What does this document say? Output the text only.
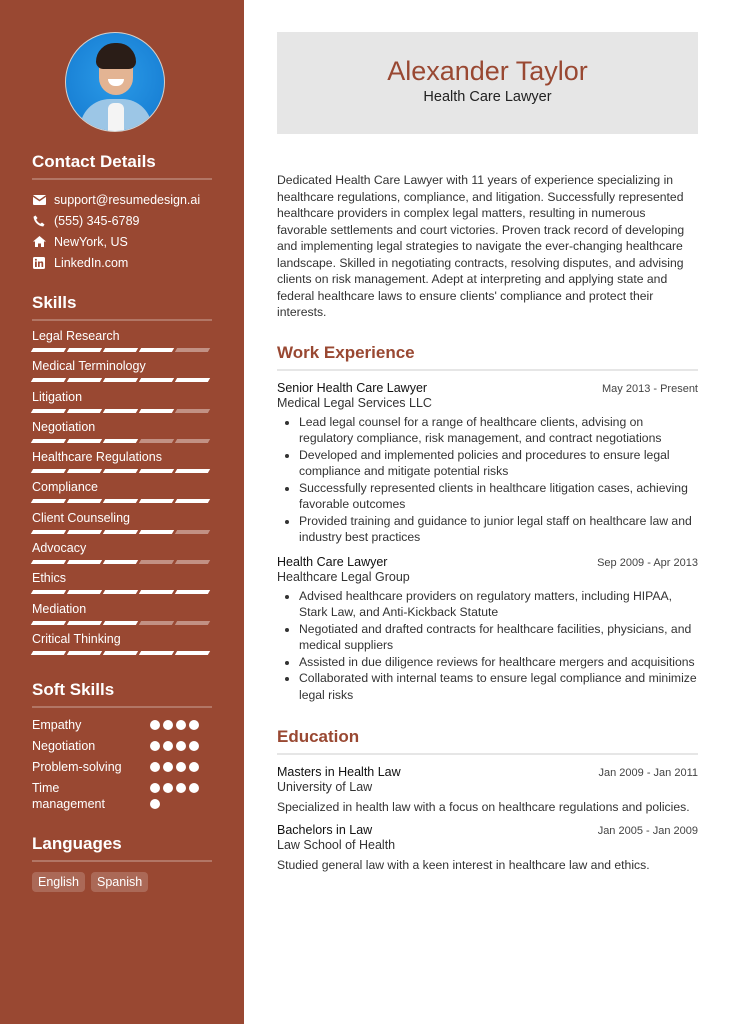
Contact Details
support@resumedesign.ai
(555) 345-6789
NewYork, US
LinkedIn.com
Skills
Legal Research
Medical Terminology
Litigation
Negotiation
Healthcare Regulations
Compliance
Client Counseling
Advocacy
Ethics
Mediation
Critical Thinking
Soft Skills
Empathy
Negotiation
Problem-solving
Time management
Languages
English	Spanish
Alexander Taylor
Health Care Lawyer

Dedicated Health Care Lawyer with 11 years of experience specializing in healthcare regulations, compliance, and litigation. Successfully represented healthcare providers in complex legal matters, resulting in numerous favorable settlements and court victories. Proven track record of developing and implementing legal strategies to navigate the ever-changing healthcare landscape. Skilled in negotiating contracts, resolving disputes, and advising clients on risk management. Adept at interpreting and applying state and federal healthcare laws to ensure clients' compliance and protect their interests.

Work Experience
Senior Health Care Lawyer	May 2013 - Present
Medical Legal Services LLC
• Lead legal counsel for a range of healthcare clients, advising on regulatory compliance, risk management, and contract negotiations
• Developed and implemented policies and procedures to ensure legal compliance and mitigate potential risks
• Successfully represented clients in healthcare litigation cases, achieving favorable outcomes
• Provided training and guidance to junior legal staff on healthcare law and industry best practices
Health Care Lawyer	Sep 2009 - Apr 2013
Healthcare Legal Group
• Advised healthcare providers on regulatory matters, including HIPAA, Stark Law, and Anti-Kickback Statute
• Negotiated and drafted contracts for healthcare facilities, physicians, and medical suppliers
• Assisted in due diligence reviews for healthcare mergers and acquisitions
• Collaborated with internal teams to ensure legal compliance and minimize legal risks
Education
Masters in Health Law	Jan 2009 - Jan 2011
University of Law

Specialized in health law with a focus on healthcare regulations and policies.

Bachelors in Law	Jan 2005 - Jan 2009
Law School of Health

Studied general law with a keen interest in healthcare law and ethics.
